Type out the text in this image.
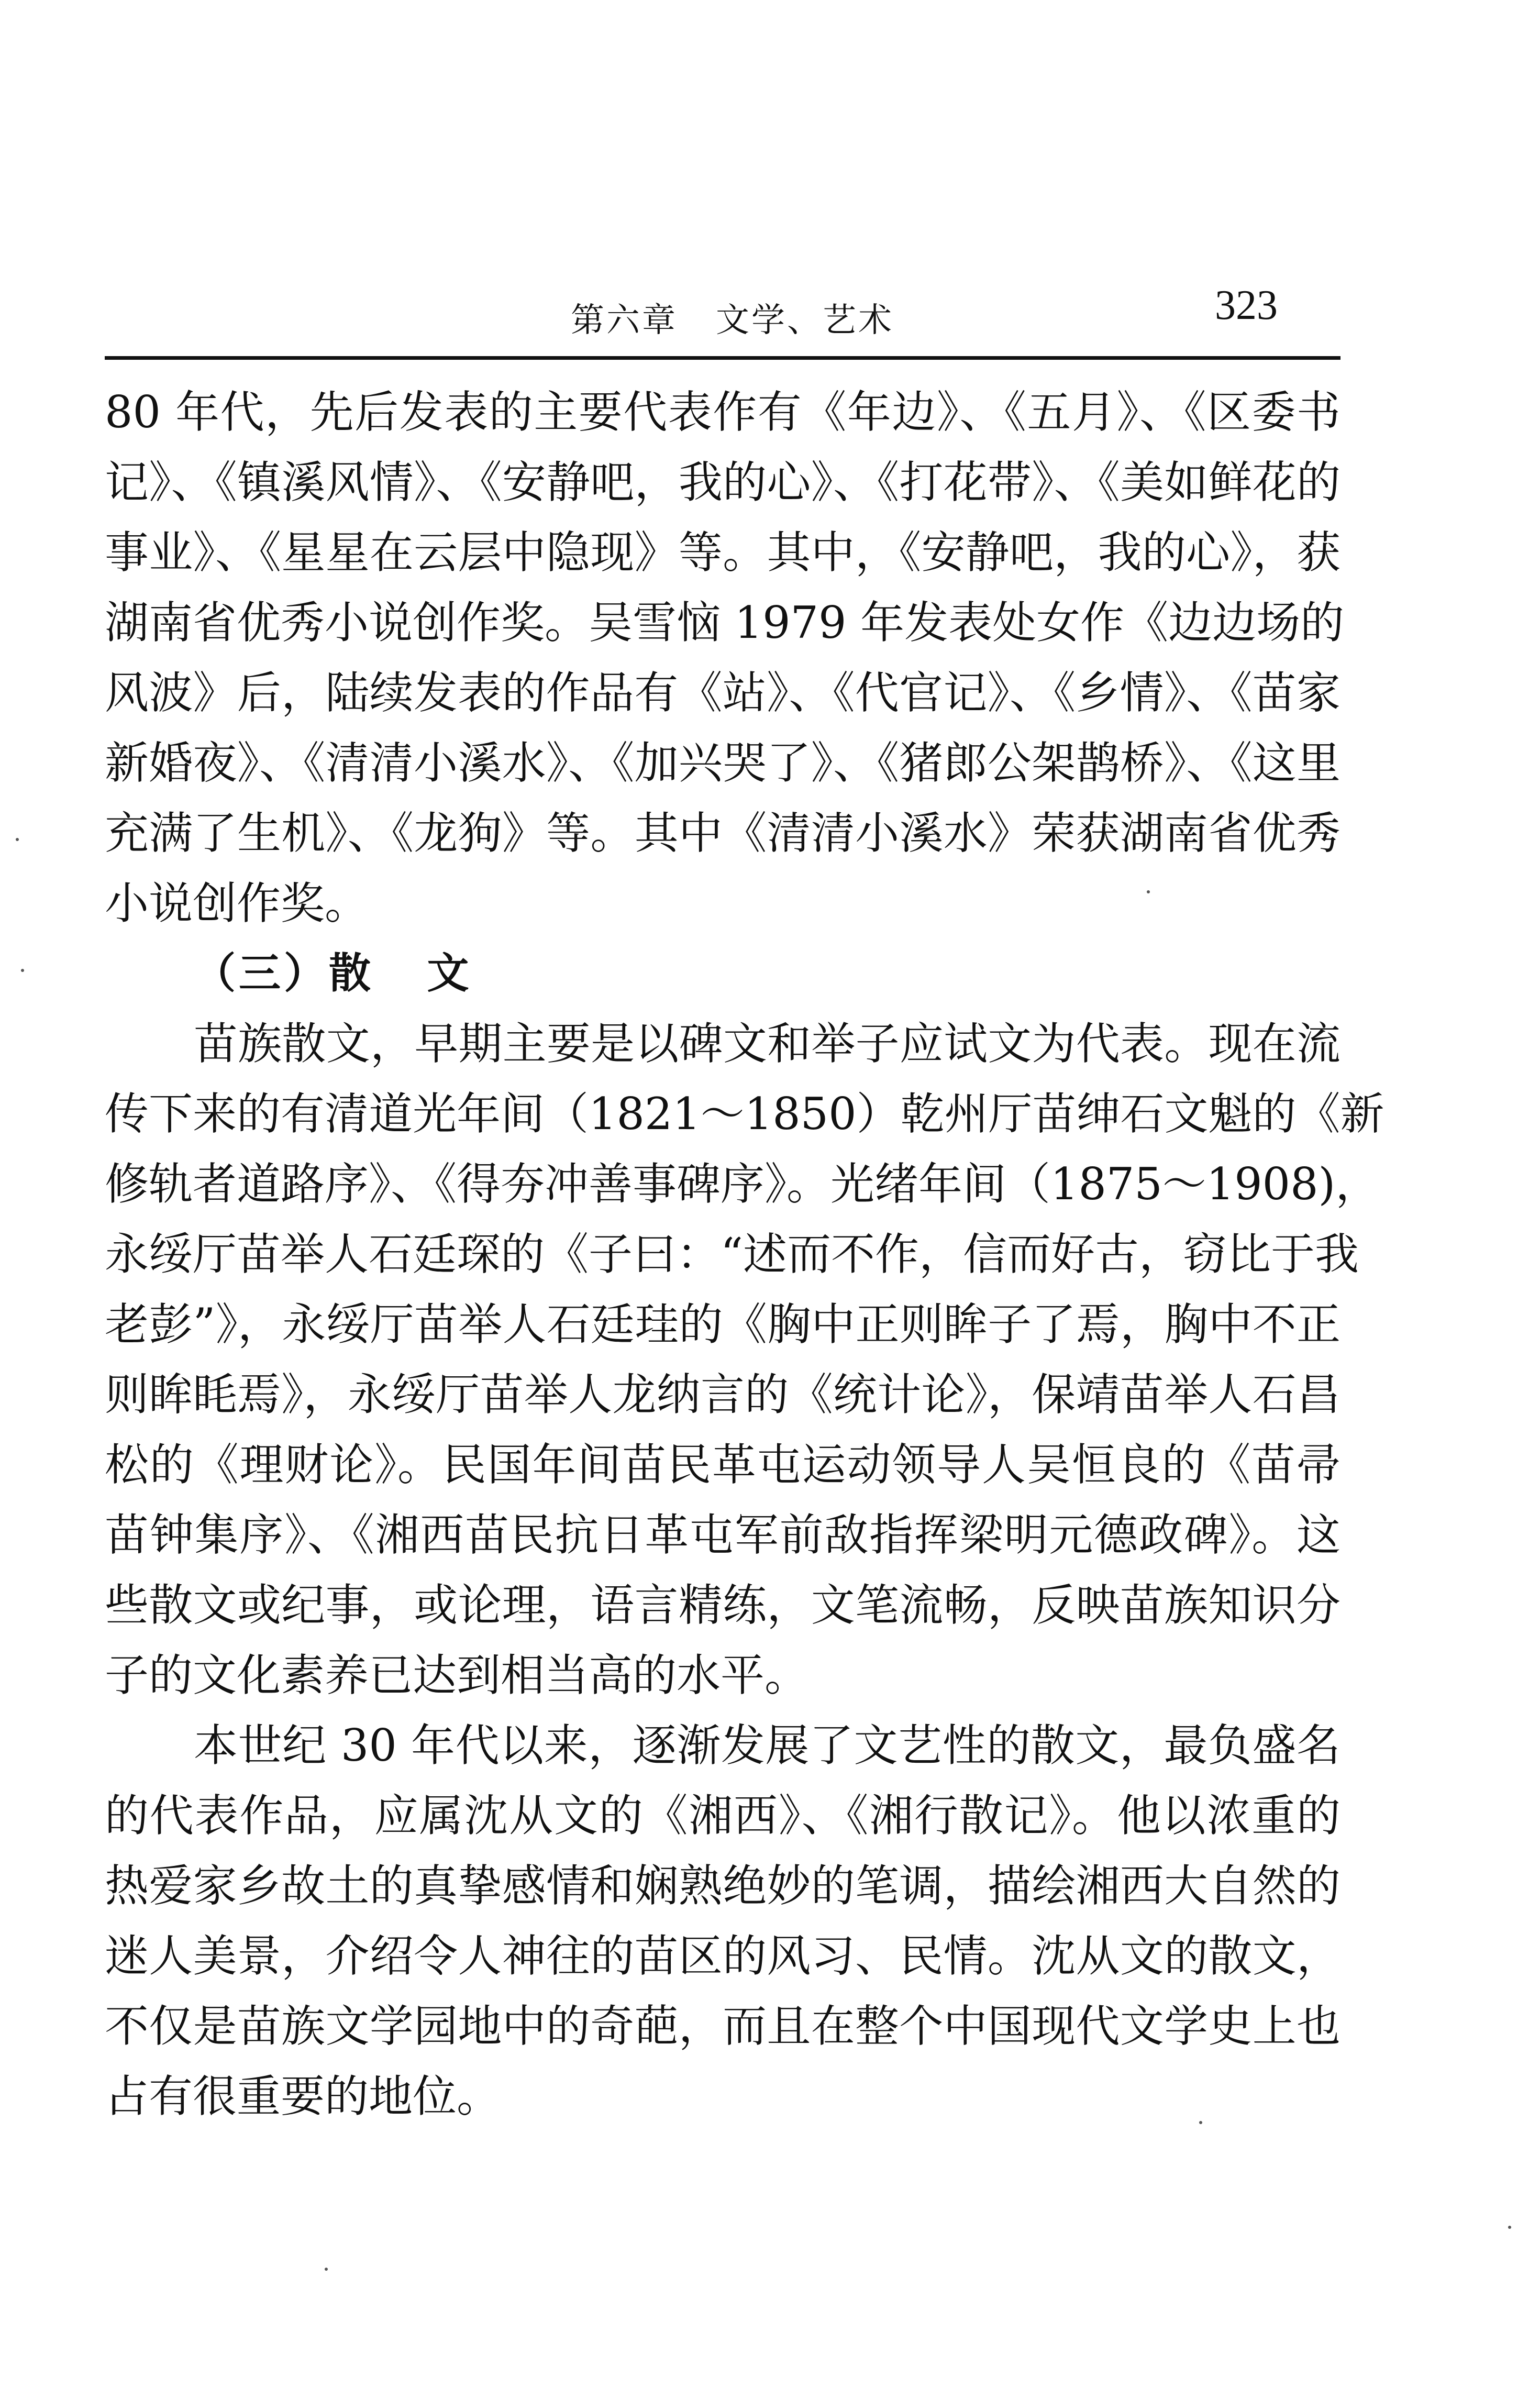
第六章   文学、艺术	323
80 年代，先后发表的主要代表作有《年边》、《五月》、《区委书
记》、《镇溪风情》、《安静吧，我的心》、《打花带》、《美如鲜花的
事业》、《星星在云层中隐现》等。其中，《安静吧，我的心》，获
湖南省优秀小说创作奖。吴雪恼 1979 年发表处女作《边边场的
风波》后，陆续发表的作品有《站》、《代官记》、《乡情》、《苗家
新婚夜》、《清清小溪水》、《加兴哭了》、《猪郎公架鹊桥》、《这里
充满了生机》、《龙狗》等。其中《清清小溪水》荣获湖南省优秀
小说创作奖。
（三）散   文
苗族散文，早期主要是以碑文和举子应试文为代表。现在流
传下来的有清道光年间（1821～1850）乾州厅苗绅石文魁的《新
修轨者道路序》、《得夯冲善事碑序》。光绪年间（1875～1908)，
永绥厅苗举人石廷琛的《子曰：“述而不作，信而好古，窃比于我
老彭”》，永绥厅苗举人石廷珪的《胸中正则眸子了焉，胸中不正
则眸眊焉》，永绥厅苗举人龙纳言的《统计论》，保靖苗举人石昌
松的《理财论》。民国年间苗民革屯运动领导人吴恒良的《苗帚
苗钟集序》、《湘西苗民抗日革屯军前敌指挥梁明元德政碑》。这
些散文或纪事，或论理，语言精练，文笔流畅，反映苗族知识分
子的文化素养已达到相当高的水平。
本世纪 30 年代以来，逐渐发展了文艺性的散文，最负盛名
的代表作品，应属沈从文的《湘西》、《湘行散记》。他以浓重的
热爱家乡故土的真挚感情和娴熟绝妙的笔调，描绘湘西大自然的
迷人美景，介绍令人神往的苗区的风习、民情。沈从文的散文，
不仅是苗族文学园地中的奇葩，而且在整个中国现代文学史上也
占有很重要的地位。
